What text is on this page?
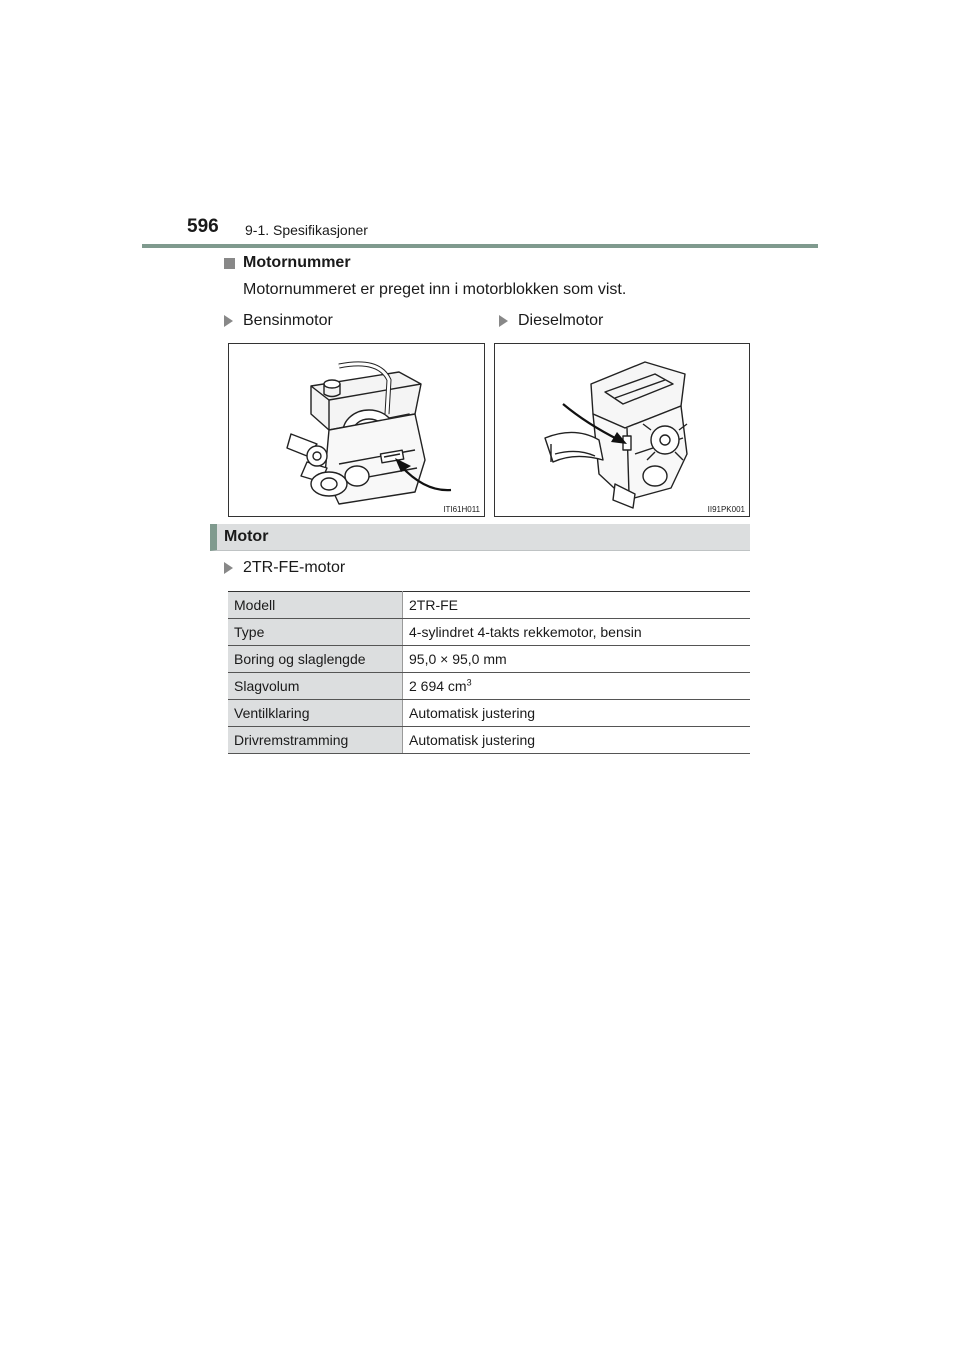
596 9-1. Spesifikasjoner
Motornummer
Motornummeret er preget inn i motorblokken som vist.
Bensinmotor	Dieselmotor
ITI61H011	II91PK001
Motor
2TR-FE-motor
Modell	2TR-FE
Type	4-sylindret 4-takts rekkemotor, bensin
Boring og slaglengde	95,0 × 95,0 mm
Slagvolum	2 694 $cm^3$
Ventilklaring	Automatisk justering
Drivremstramming	Automatisk justering
